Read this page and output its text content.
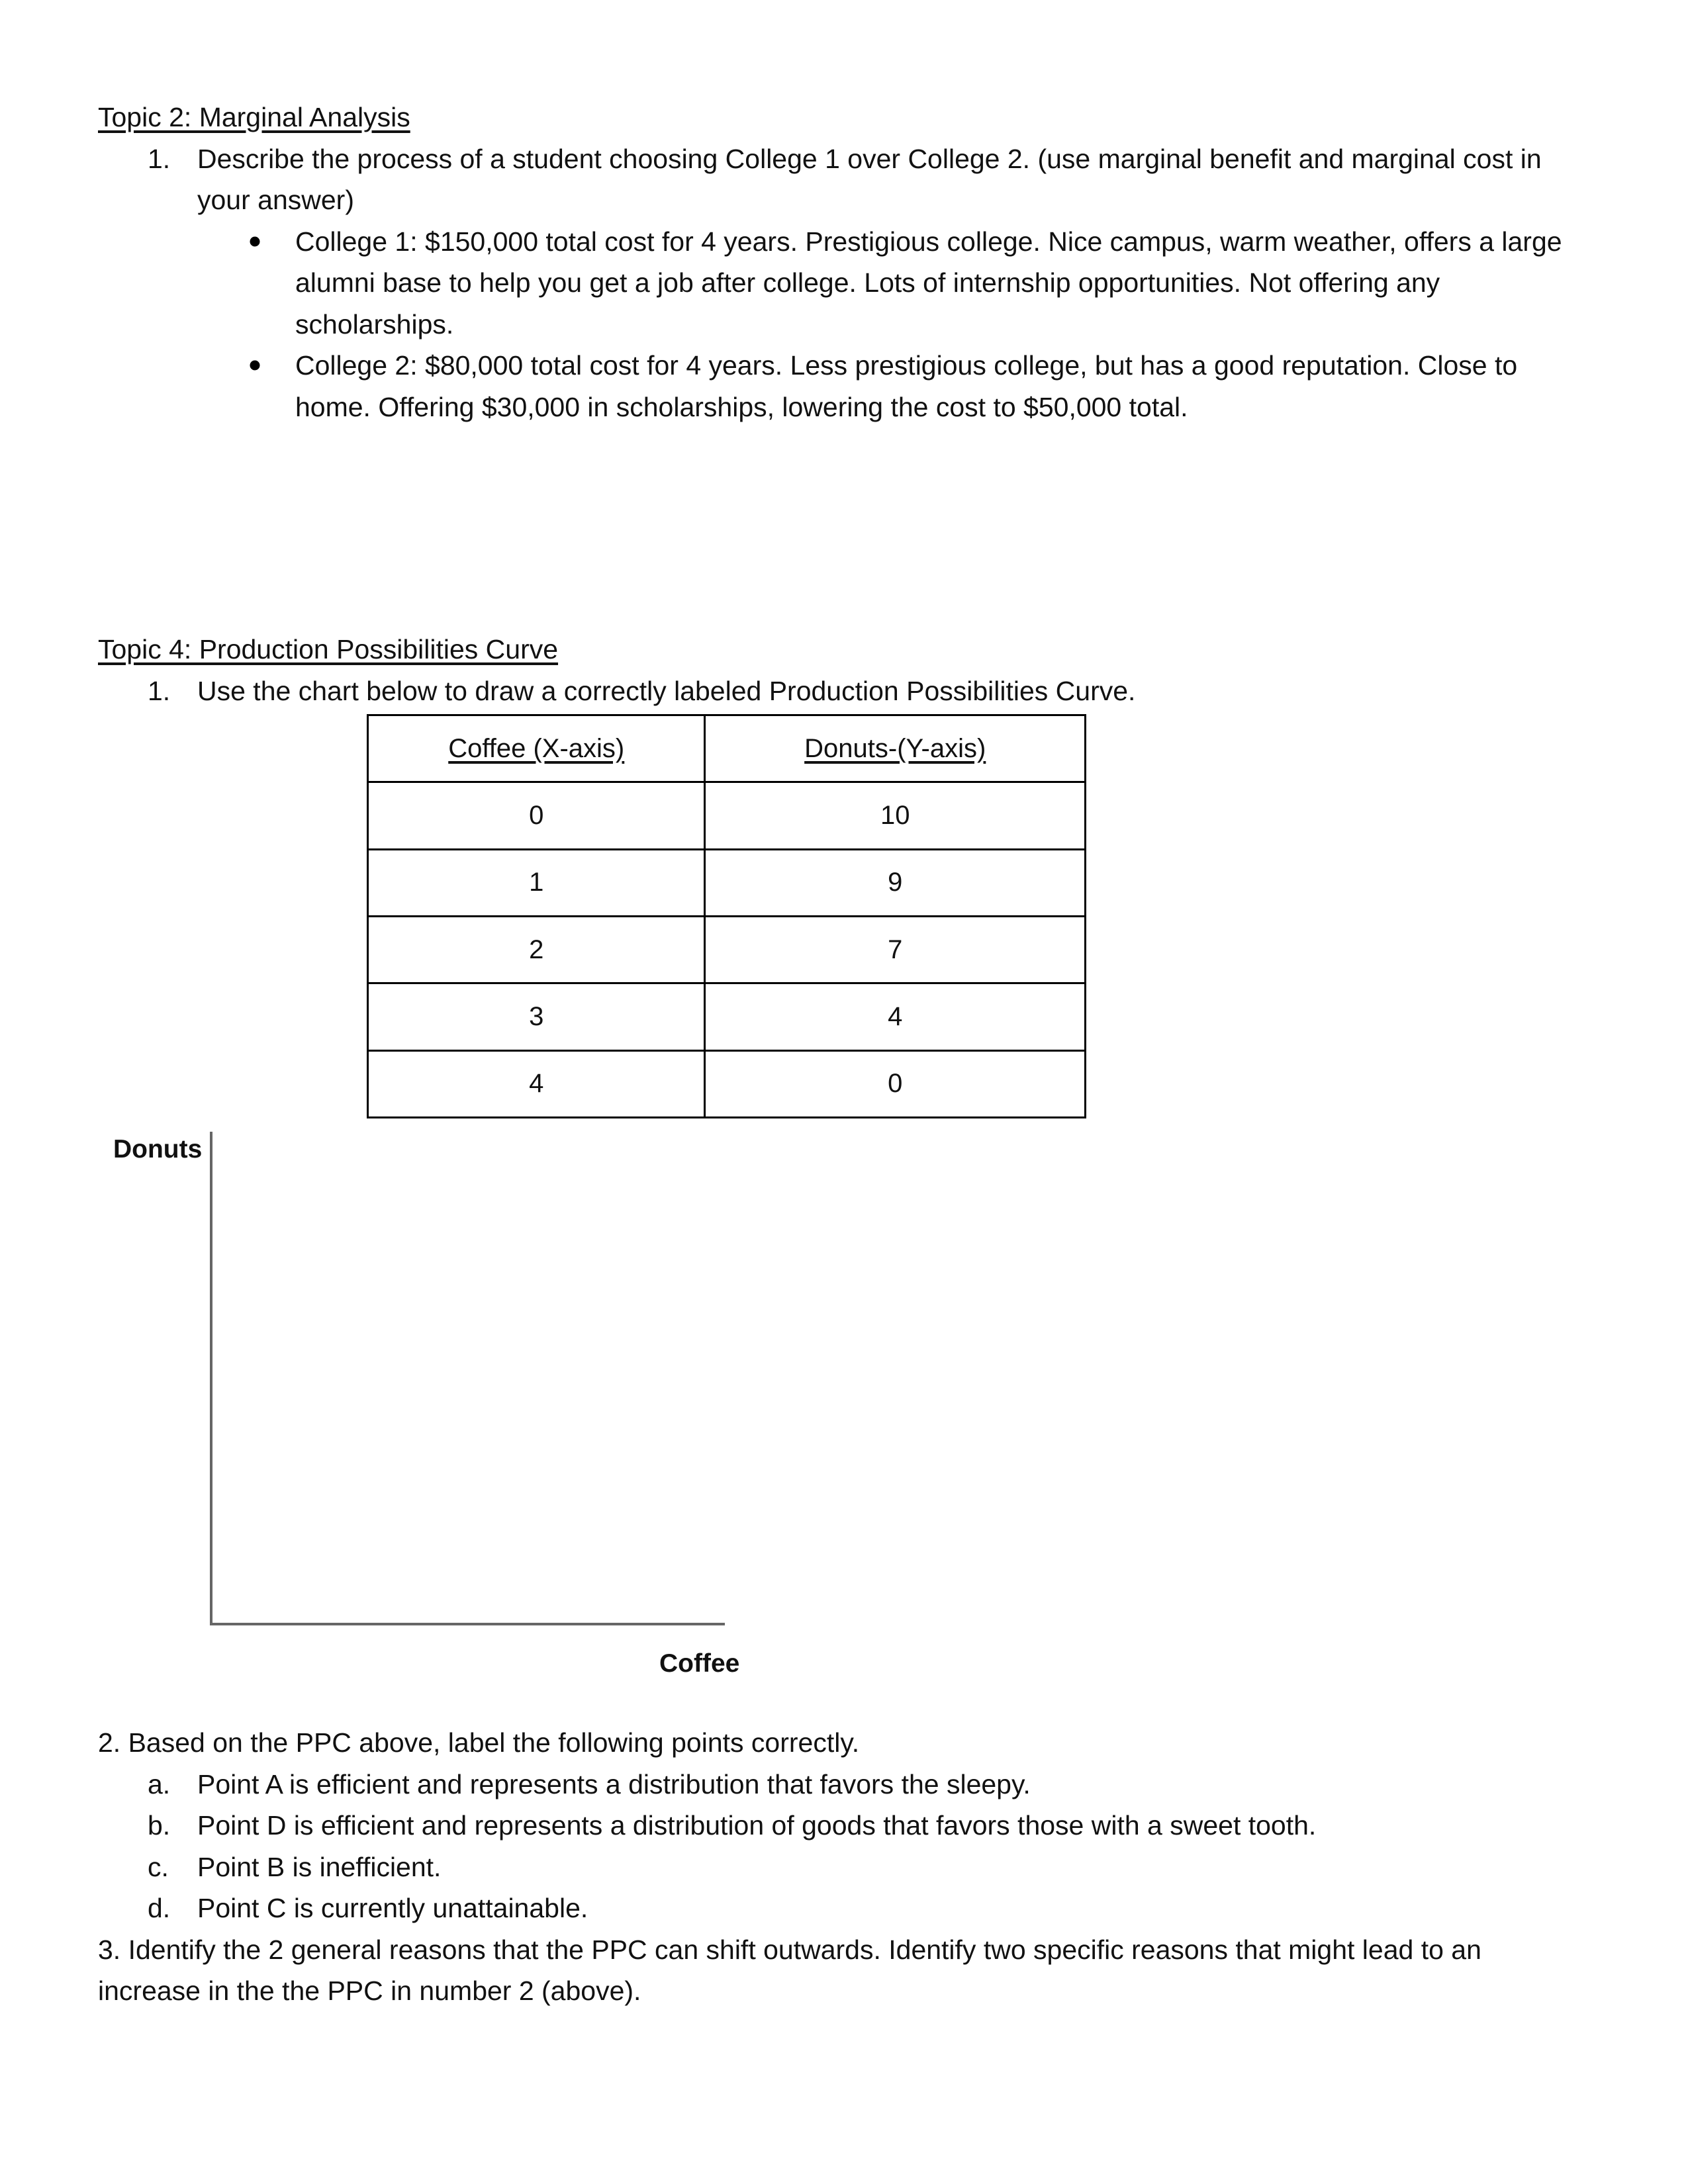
Topic 2: Marginal Analysis
1. Describe the process of a student choosing College 1 over College 2. (use marginal benefit and marginal cost in
your answer)
College 1: $150,000 total cost for 4 years. Prestigious college. Nice campus, warm weather, offers a large
alumni base to help you get a job after college. Lots of internship opportunities. Not offering any
scholarships.
College 2: $80,000 total cost for 4 years. Less prestigious college, but has a good reputation. Close to
home. Offering $30,000 in scholarships, lowering the cost to $50,000 total.
Topic 4: Production Possibilities Curve
1. Use the chart below to draw a correctly labeled Production Possibilities Curve.
Coffee (X-axis)	Donuts-(Y-axis)
0	10
1	9
2	7
3	4
4	0
Donuts
Coffee
2. Based on the PPC above, label the following points correctly.
a. Point A is efficient and represents a distribution that favors the sleepy.
b. Point D is efficient and represents a distribution of goods that favors those with a sweet tooth.
c. Point B is inefficient.
d. Point C is currently unattainable.
3. Identify the 2 general reasons that the PPC can shift outwards. Identify two specific reasons that might lead to an
increase in the the PPC in number 2 (above).
